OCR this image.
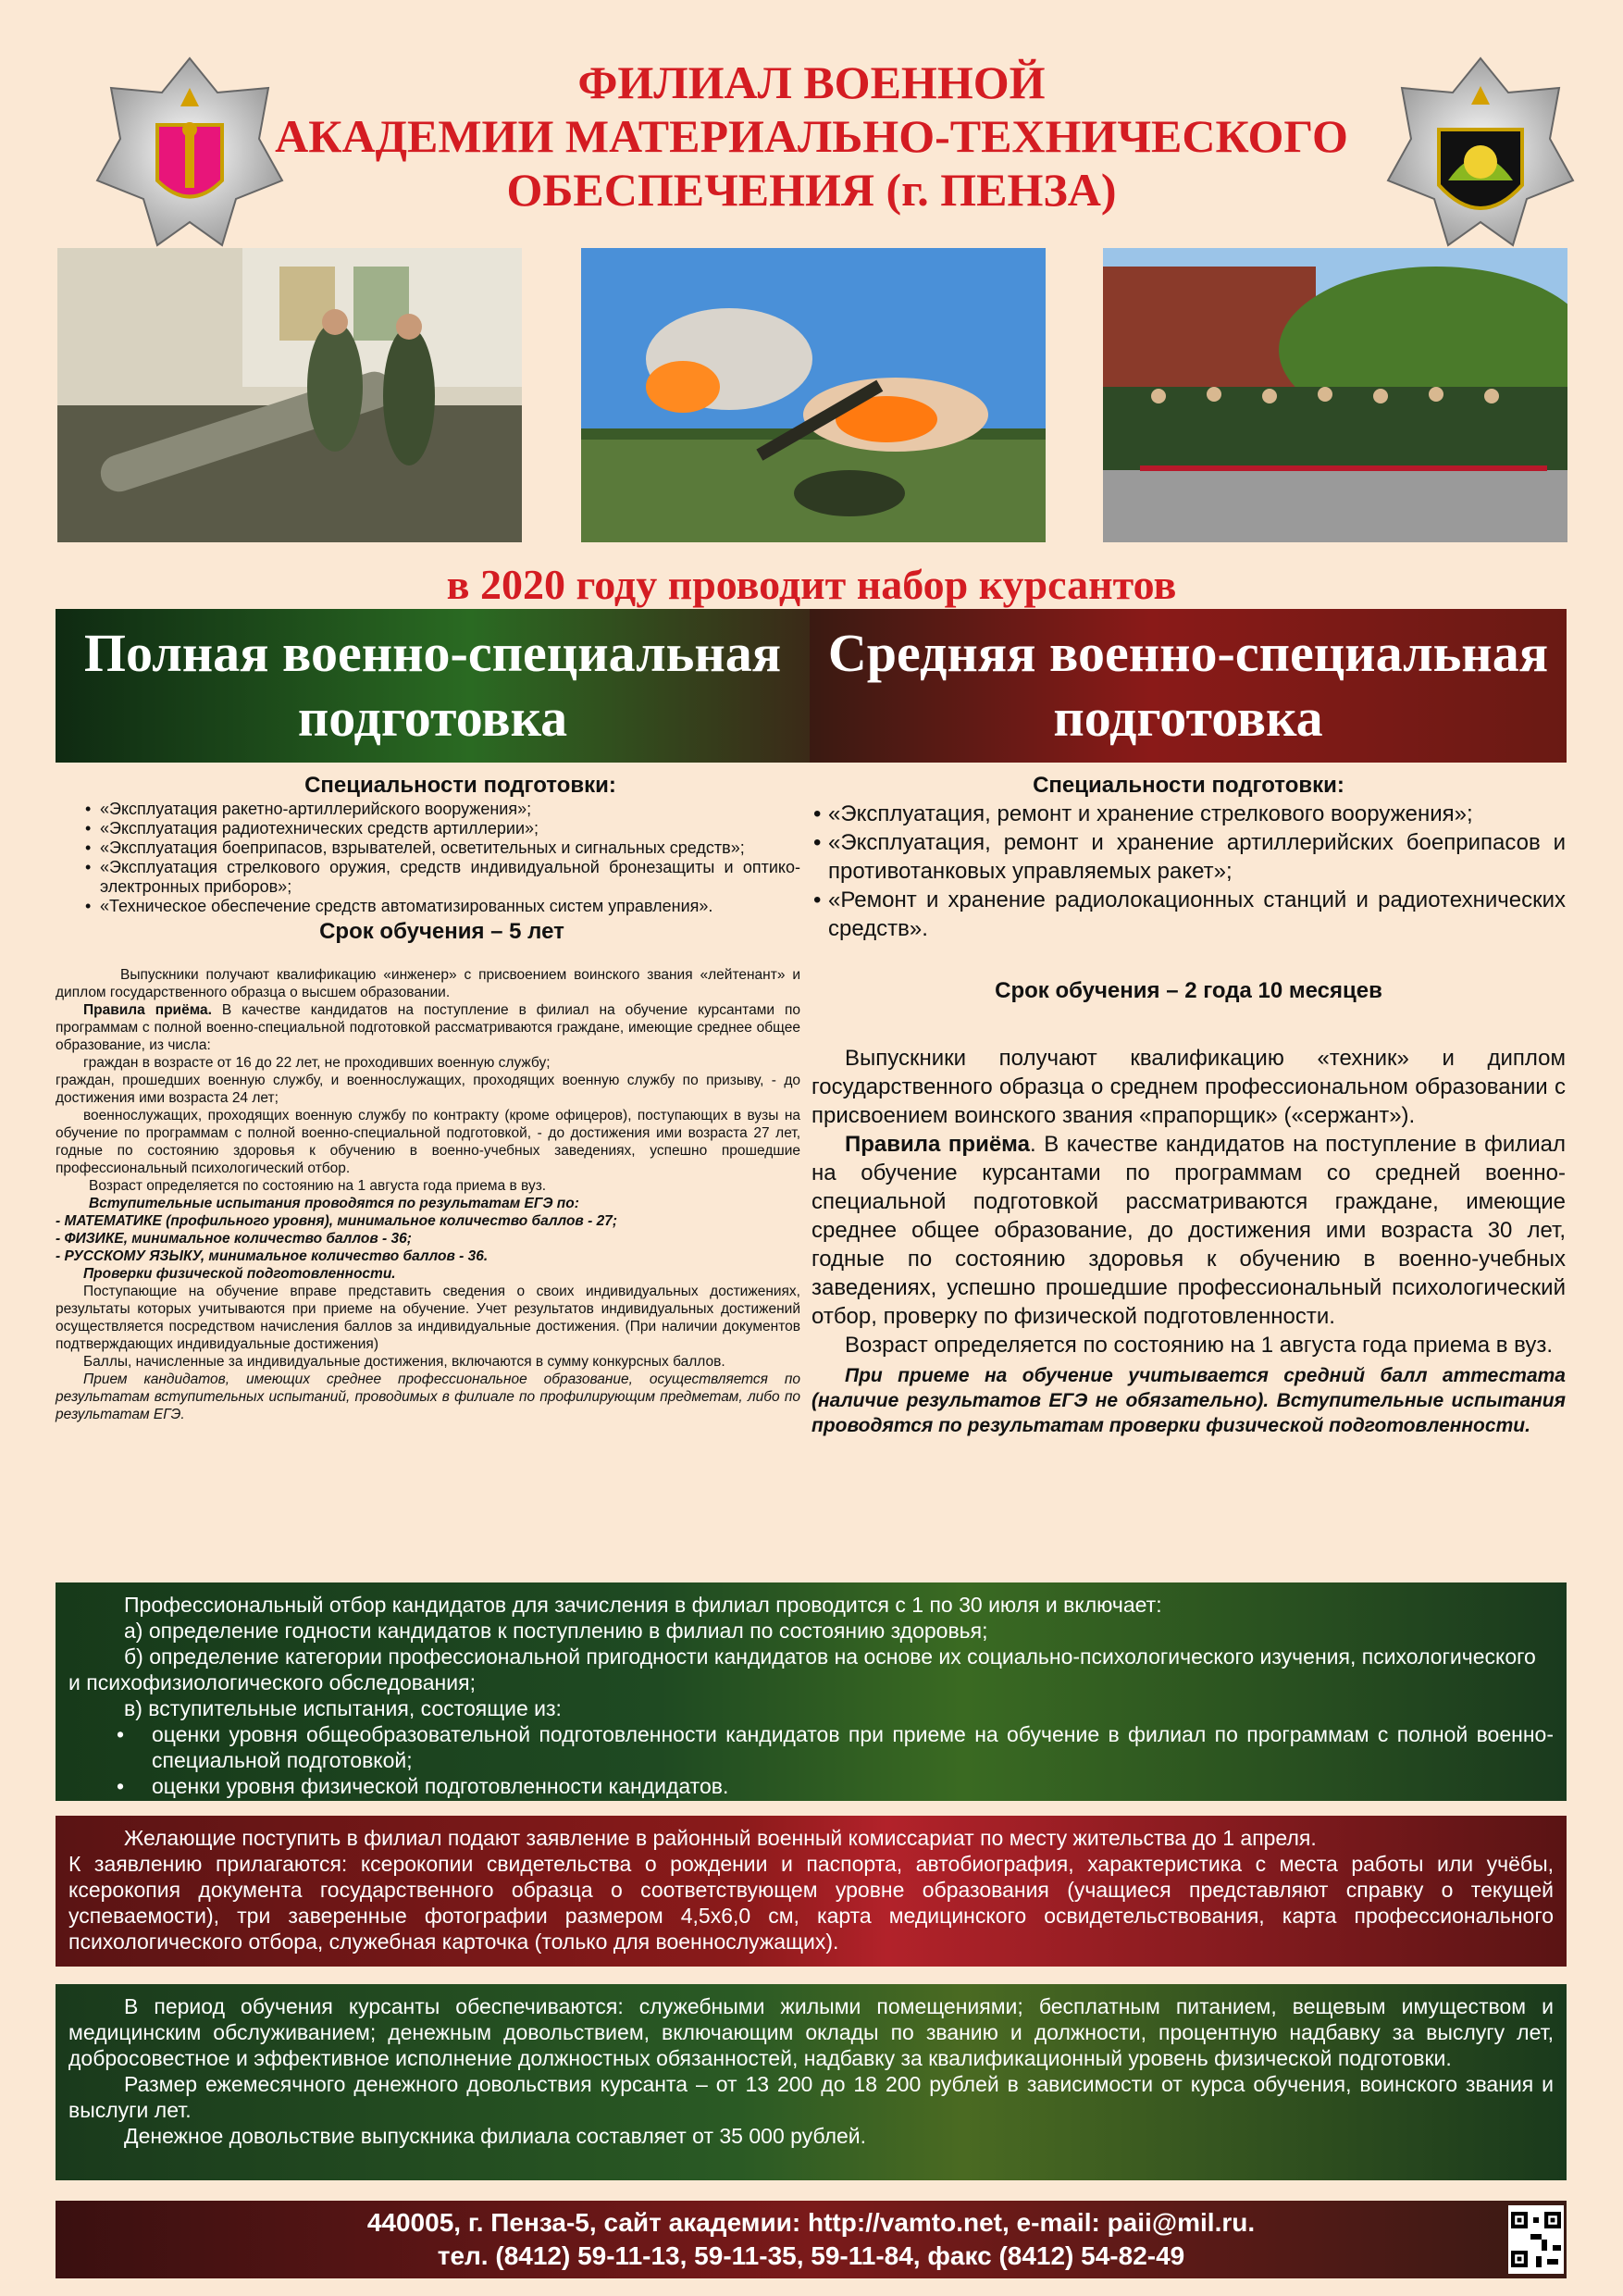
ФИЛИАЛ ВОЕННОЙ
АКАДЕМИИ МАТЕРИАЛЬНО-ТЕХНИЧЕСКОГО
ОБЕСПЕЧЕНИЯ (г. ПЕНЗА)
в 2020 году проводит набор курсантов
Полная военно-специальная
подготовка
Средняя военно-специальная
подготовка
Специальности подготовки:
• «Эксплуатация ракетно-артиллерийского вооружения»;
• «Эксплуатация радиотехнических средств артиллерии»;
• «Эксплуатация боеприпасов, взрывателей, осветительных и сигнальных средств»;
• «Эксплуатация стрелкового оружия, средств индивидуальной бронезащиты и оптико-электронных приборов»;
• «Техническое обеспечение средств автоматизированных систем управления».
Срок обучения – 5 лет

Выпускники получают квалификацию «инженер» с присвоением воинского звания «лейтенант» и диплом государственного образца о высшем образовании.

Правила приёма. В качестве кандидатов на поступление в филиал на обучение курсантами по программам с полной военно-специальной подготовкой рассматриваются граждане, имеющие среднее общее образование, из числа:

граждан в возрасте от 16 до 22 лет, не проходивших военную службу;

граждан, прошедших военную службу, и военнослужащих, проходящих военную службу по призыву, - до достижения ими возраста 24 лет;

военнослужащих, проходящих военную службу по контракту (кроме офицеров), поступающих в вузы на обучение по программам с полной военно-специальной подготовкой, - до достижения ими возраста 27 лет, годные по состоянию здоровья к обучению в военно-учебных заведениях, успешно прошедшие профессиональный психологический отбор.

Возраст определяется по состоянию на 1 августа года приема в вуз.

Вступительные испытания проводятся по результатам ЕГЭ по:

- МАТЕМАТИКЕ (профильного уровня), минимальное количество баллов - 27;

- ФИЗИКЕ, минимальное количество баллов - 36;

- РУССКОМУ ЯЗЫКУ, минимальное количество баллов - 36.

Проверки физической подготовленности.

Поступающие на обучение вправе представить сведения о своих индивидуальных достижениях, результаты которых учитываются при приеме на обучение. Учет результатов индивидуальных достижений осуществляется посредством начисления баллов за индивидуальные достижения. (При наличии документов подтверждающих индивидуальные достижения)

Баллы, начисленные за индивидуальные достижения, включаются в сумму конкурсных баллов.

Прием кандидатов, имеющих среднее профессиональное образование, осуществляется по результатам вступительных испытаний, проводимых в филиале по профилирующим предметам, либо по результатам ЕГЭ.

Специальности подготовки:
• «Эксплуатация, ремонт и хранение стрелкового вооружения»;
• «Эксплуатация, ремонт и хранение артиллерийских боеприпасов и противотанковых управляемых ракет»;
• «Ремонт и хранение радиолокационных станций и радиотехнических средств».
Срок обучения – 2 года 10 месяцев

Выпускники получают квалификацию «техник» и диплом государственного образца о среднем профессиональном образовании с присвоением воинского звания «прапорщик» («сержант»).

Правила приёма. В качестве кандидатов на поступление в филиал на обучение курсантами по программам со средней военно-специальной подготовкой рассматриваются граждане, имеющие среднее общее образование, до достижения ими возраста 30 лет, годные по состоянию здоровья к обучению в военно-учебных заведениях, успешно прошедшие профессиональный психологический отбор, проверку по физической подготовленности.

Возраст определяется по состоянию на 1 августа года приема в вуз.

При приеме на обучение учитывается средний балл аттестата (наличие результатов ЕГЭ не обязательно). Вступительные испытания проводятся по результатам проверки физической подготовленности.

Профессиональный отбор кандидатов для зачисления в филиал проводится с 1 по 30 июля и включает:

а) определение годности кандидатов к поступлению в филиал по состоянию здоровья;

б) определение категории профессиональной пригодности кандидатов на основе их социально-психологического изучения, психологического и психофизиологического обследования;

в) вступительные испытания, состоящие из:

• оценки уровня общеобразовательной подготовленности кандидатов при приеме на обучение в филиал по программам с полной военно-специальной подготовкой;
• оценки уровня физической подготовленности кандидатов.

Желающие поступить в филиал подают заявление в районный военный комиссариат по месту жительства до 1 апреля.

К заявлению прилагаются: ксерокопии свидетельства о рождении и паспорта, автобиография, характеристика с места работы или учёбы, ксерокопия документа государственного образца о соответствующем уровне образования (учащиеся представляют справку о текущей успеваемости), три заверенные фотографии размером 4,5х6,0 см, карта медицинского освидетельствования, карта профессионального психологического отбора, служебная карточка (только для военнослужащих).

В период обучения курсанты обеспечиваются: служебными жилыми помещениями; бесплатным питанием, вещевым имуществом и медицинским обслуживанием; денежным довольствием, включающим оклады по званию и должности, процентную надбавку за выслугу лет, добросовестное и эффективное исполнение должностных обязанностей, надбавку за квалификационный уровень физической подготовки.

Размер ежемесячного денежного довольствия курсанта – от 13 200 до 18 200 рублей в зависимости от курса обучения, воинского звания и выслуги лет.

Денежное довольствие выпускника филиала составляет от 35 000 рублей.

440005, г. Пенза-5, сайт академии: http://vamto.net, e-mail: paii@mil.ru.
тел. (8412) 59-11-13, 59-11-35, 59-11-84, факс (8412) 54-82-49
